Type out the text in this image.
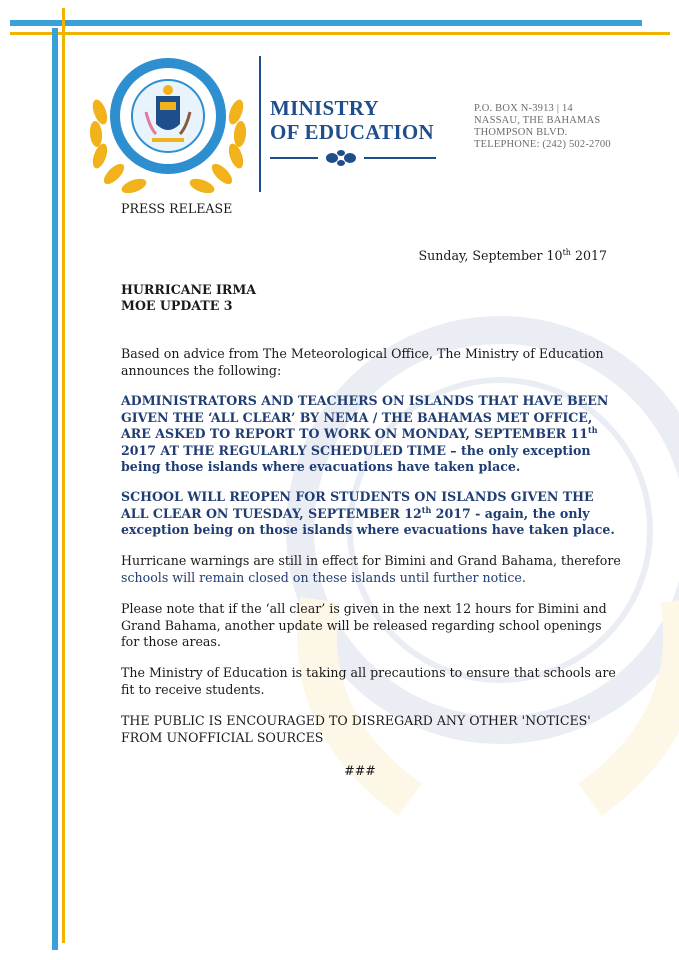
MINISTRY

OF EDUCATION

P.O. BOX N-3913 | 14
NASSAU, THE BAHAMAS
THOMPSON BLVD.
TELEPHONE: (242) 502-2700

PRESS RELEASE

Sunday, September 10th 2017

HURRICANE IRMA

MOE UPDATE 3

Based on advice from The Meteorological Office, The Ministry of Education announces the following:

ADMINISTRATORS AND TEACHERS ON ISLANDS THAT HAVE BEEN GIVEN THE ‘ALL CLEAR’ BY NEMA / THE BAHAMAS MET OFFICE, ARE ASKED TO REPORT TO WORK ON MONDAY, SEPTEMBER 11th 2017 AT THE REGULARLY SCHEDULED TIME – the only exception being those islands where evacuations have taken place.

SCHOOL WILL REOPEN FOR STUDENTS ON ISLANDS GIVEN THE ALL CLEAR ON TUESDAY, SEPTEMBER 12th 2017 - again, the only exception being on those islands where evacuations have taken place.

Hurricane warnings are still in effect for Bimini and Grand Bahama, therefore schools will remain closed on these islands until further notice.

Please note that if the ‘all clear’ is given in the next 12 hours for Bimini and Grand Bahama, another update will be released regarding school openings for those areas.

The Ministry of Education is taking all precautions to ensure that schools are fit to receive students.

THE PUBLIC IS ENCOURAGED TO DISREGARD ANY OTHER 'NOTICES' FROM UNOFFICIAL SOURCES

###
